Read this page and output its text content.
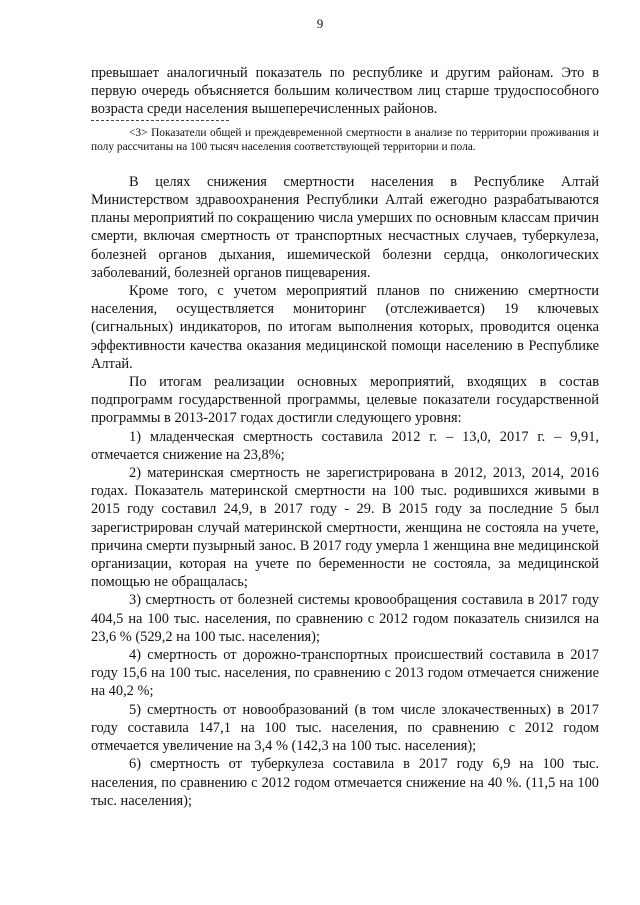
9

превышает аналогичный показатель по республике и другим районам. Это в первую очередь объясняется большим количеством лиц старше трудоспособного возраста среди населения вышеперечисленных районов.

<3> Показатели общей и преждевременной смертности в анализе по территории проживания и полу рассчитаны на 100 тысяч населения соответствующей территории и пола.

В целях снижения смертности населения в Республике Алтай Министерством здравоохранения Республики Алтай ежегодно разрабатываются планы мероприятий по сокращению числа умерших по основным классам причин смерти, включая смертность от транспортных несчастных случаев, туберкулеза, болезней органов дыхания, ишемической болезни сердца, онкологических заболеваний, болезней органов пищеварения.

Кроме того, с учетом мероприятий планов по снижению смертности населения, осуществляется мониторинг (отслеживается) 19 ключевых (сигнальных) индикаторов, по итогам выполнения которых, проводится оценка эффективности качества оказания медицинской помощи населению в Республике Алтай.

По итогам реализации основных мероприятий, входящих в состав подпрограмм государственной программы, целевые показатели государственной программы в 2013-2017 годах достигли следующего уровня:

1) младенческая смертность составила 2012 г. – 13,0, 2017 г. – 9,91, отмечается снижение на 23,8%;

2) материнская смертность не зарегистрирована в 2012, 2013, 2014, 2016 годах. Показатель материнской смертности на 100 тыс. родившихся живыми в 2015 году составил 24,9, в 2017 году - 29. В 2015 году за последние 5 был зарегистрирован случай материнской смертности, женщина не состояла на учете, причина смерти пузырный занос. В 2017 году умерла 1 женщина вне медицинской организации, которая на учете по беременности не состояла, за медицинской помощью не обращалась;

3) смертность от болезней системы кровообращения составила в 2017 году 404,5 на 100 тыс. населения, по сравнению с 2012 годом показатель снизился на 23,6 % (529,2 на 100 тыс. населения);

4) смертность от дорожно-транспортных происшествий составила в 2017 году 15,6 на 100 тыс. населения, по сравнению с 2013 годом отмечается снижение на 40,2 %;

5) смертность от новообразований (в том числе злокачественных) в 2017 году составила 147,1 на 100 тыс. населения, по сравнению с 2012 годом отмечается увеличение на 3,4 % (142,3 на 100 тыс. населения);

6) смертность от туберкулеза составила в 2017 году 6,9 на 100 тыс. населения, по сравнению с 2012 годом отмечается снижение на 40 %. (11,5 на 100 тыс. населения);
